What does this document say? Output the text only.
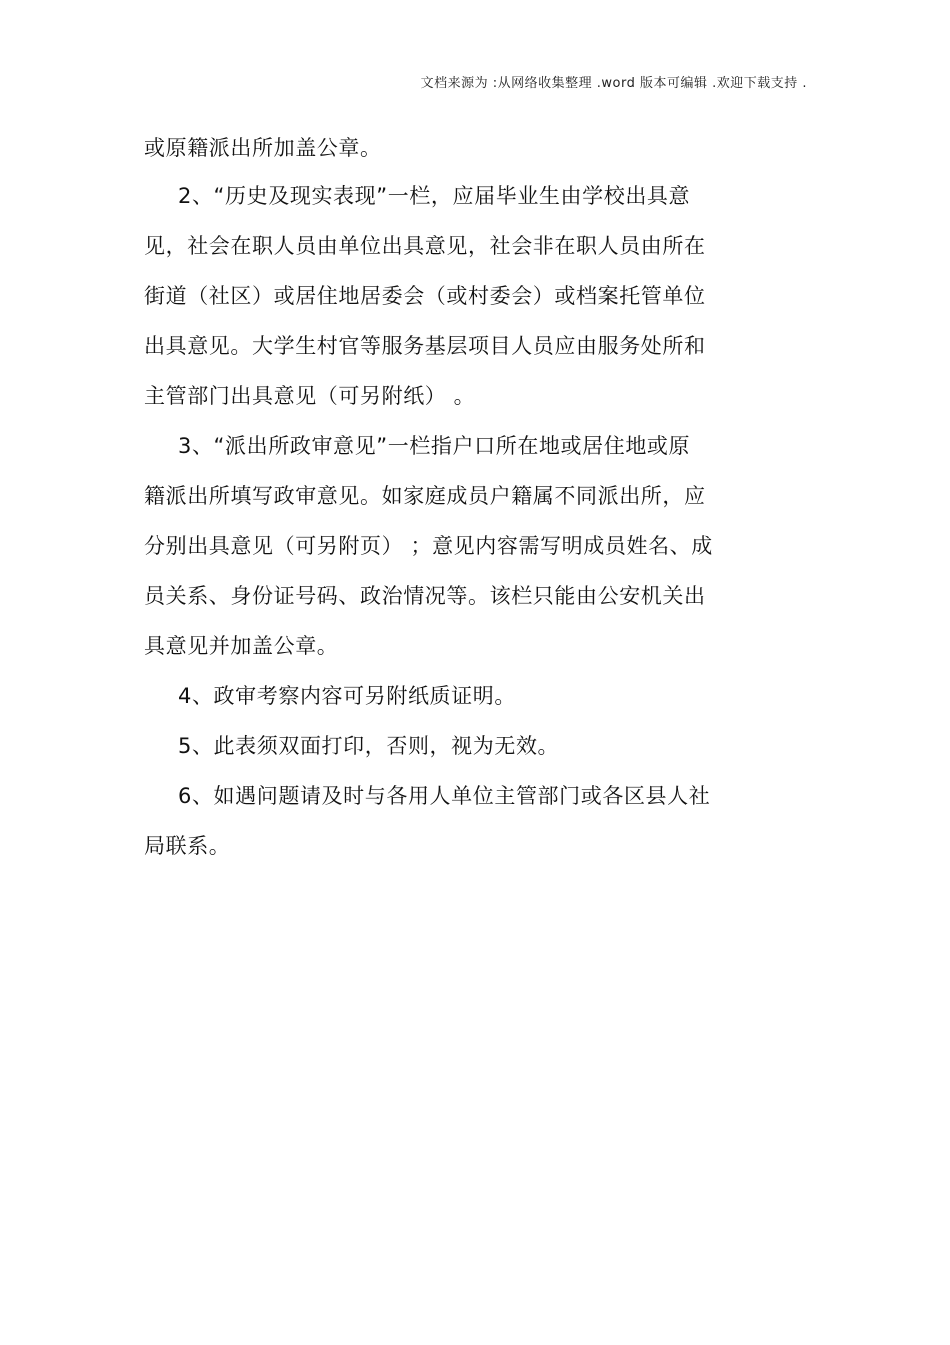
文档来源为 :从网络收集整理 .word 版本可编辑 .欢迎下载支持 .
或原籍派出所加盖公章。
2、“历史及现实表现”一栏，应届毕业生由学校出具意
见，社会在职人员由单位出具意见，社会非在职人员由所在
街道（社区）或居住地居委会（或村委会）或档案托管单位
出具意见。大学生村官等服务基层项目人员应由服务处所和
主管部门出具意见（可另附纸） 。
3、“派出所政审意见”一栏指户口所在地或居住地或原
籍派出所填写政审意见。如家庭成员户籍属不同派出所，应
分别出具意见（可另附页） ；意见内容需写明成员姓名、成
员关系、身份证号码、政治情况等。该栏只能由公安机关出
具意见并加盖公章。
4、政审考察内容可另附纸质证明。
5、此表须双面打印，否则，视为无效。
6、如遇问题请及时与各用人单位主管部门或各区县人社
局联系。
